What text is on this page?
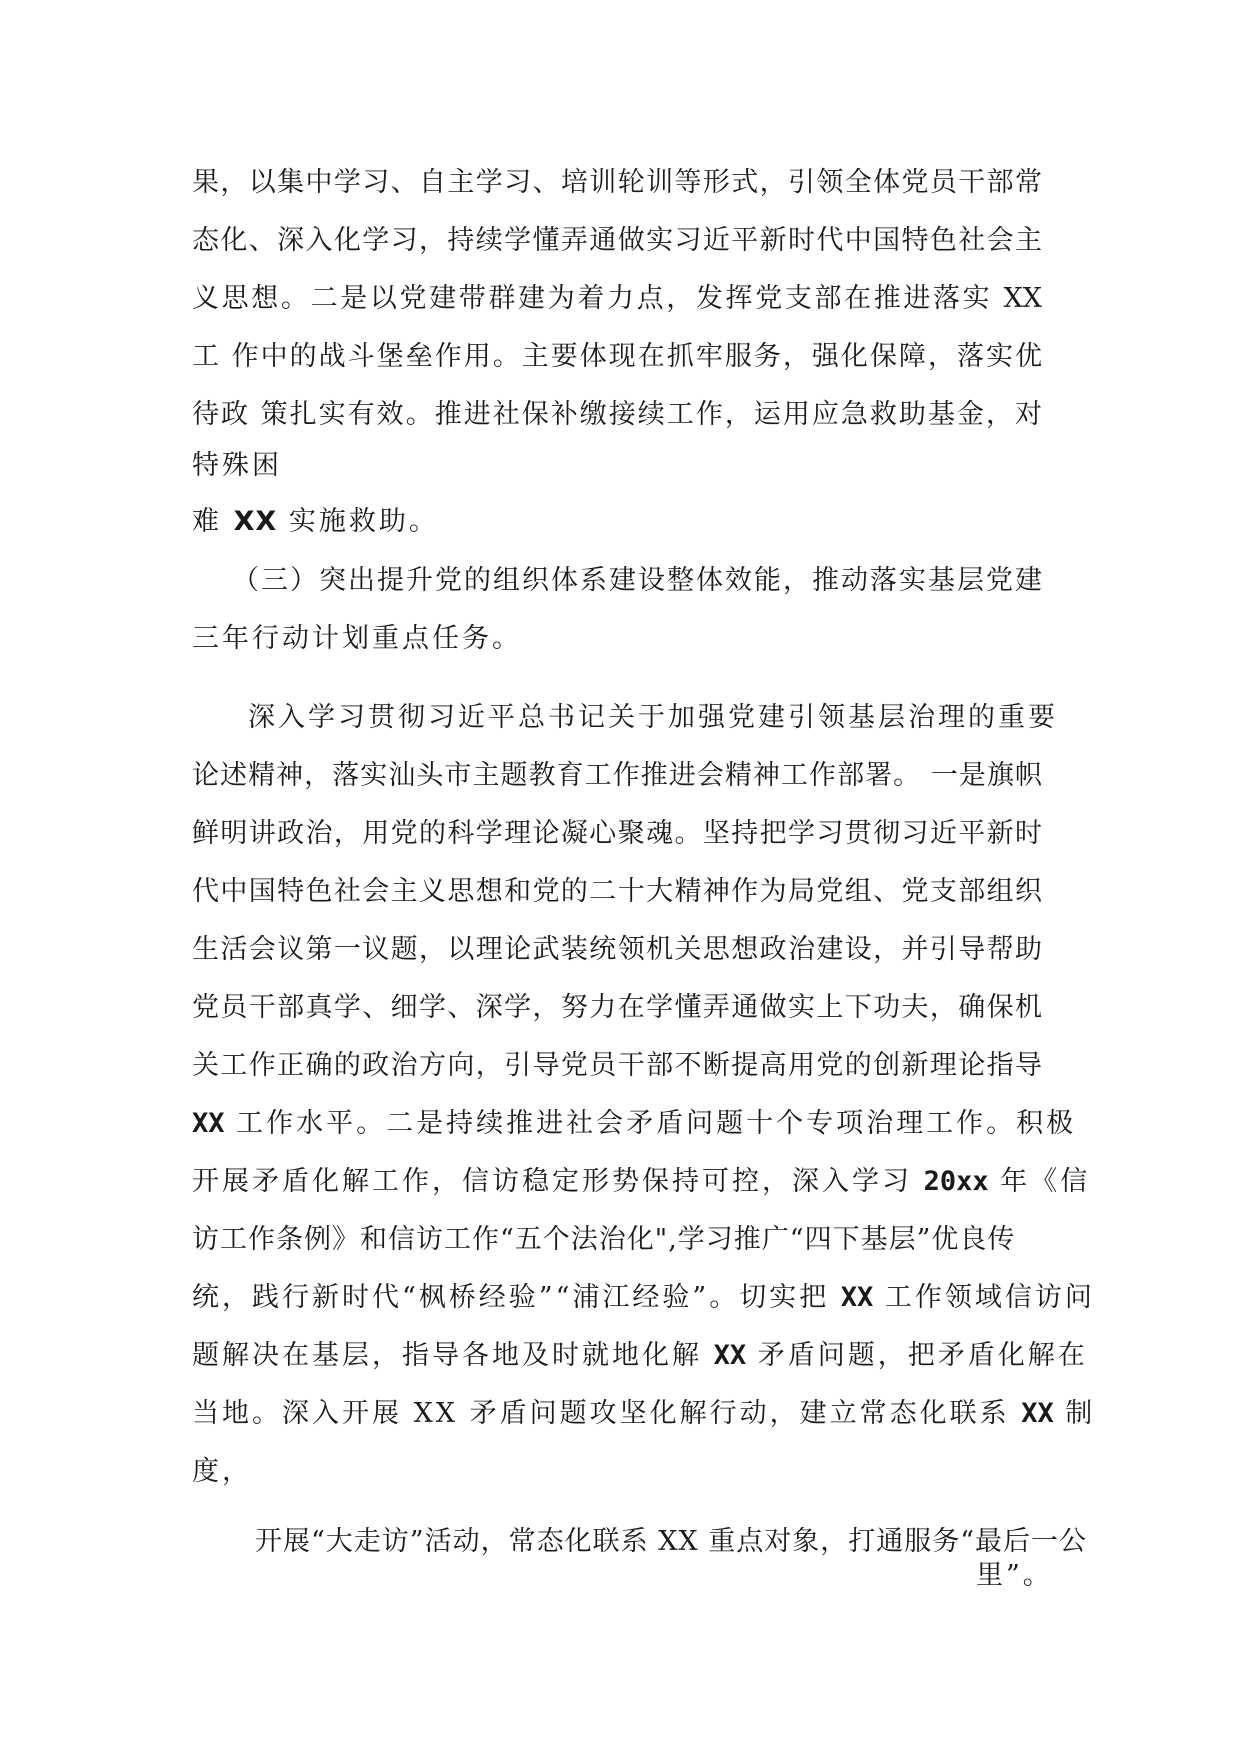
果，以集中学习、自主学习、培训轮训等形式，引领全体党员干部常
态化、深入化学习，持续学懂弄通做实习近平新时代中国特色社会主
义思想。二是以党建带群建为着力点，发挥党支部在推进落实 XX
工 作中的战斗堡垒作用。主要体现在抓牢服务，强化保障，落实优
待政 策扎实有效。推进社保补缴接续工作，运用应急救助基金，对
特殊困
难 XX 实施救助。
（三）突出提升党的组织体系建设整体效能，推动落实基层党建
三年行动计划重点任务。
深入学习贯彻习近平总书记关于加强党建引领基层治理的重要
论述精神，落实汕头市主题教育工作推进会精神工作部署。 一是旗帜
鲜明讲政治，用党的科学理论凝心聚魂。坚持把学习贯彻习近平新时
代中国特色社会主义思想和党的二十大精神作为局党组、党支部组织
生活会议第一议题，以理论武装统领机关思想政治建设，并引导帮助
党员干部真学、细学、深学，努力在学懂弄通做实上下功夫，确保机
关工作正确的政治方向，引导党员干部不断提高用党的创新理论指导
XX 工作水平。二是持续推进社会矛盾问题十个专项治理工作。积极
开展矛盾化解工作，信访稳定形势保持可控，深入学习 20xx 年《信
访工作条例》和信访工作“五个法治化",学习推广“四下基层”优良传
统，践行新时代“枫桥经验”“浦江经验”。切实把 XX 工作领域信访问
题解决在基层，指导各地及时就地化解 XX 矛盾问题，把矛盾化解在
当地。深入开展 XX 矛盾问题攻坚化解行动，建立常态化联系 XX 制
度，
开展“大走访”活动，常态化联系 XX 重点对象，打通服务“最后一公
里”。
